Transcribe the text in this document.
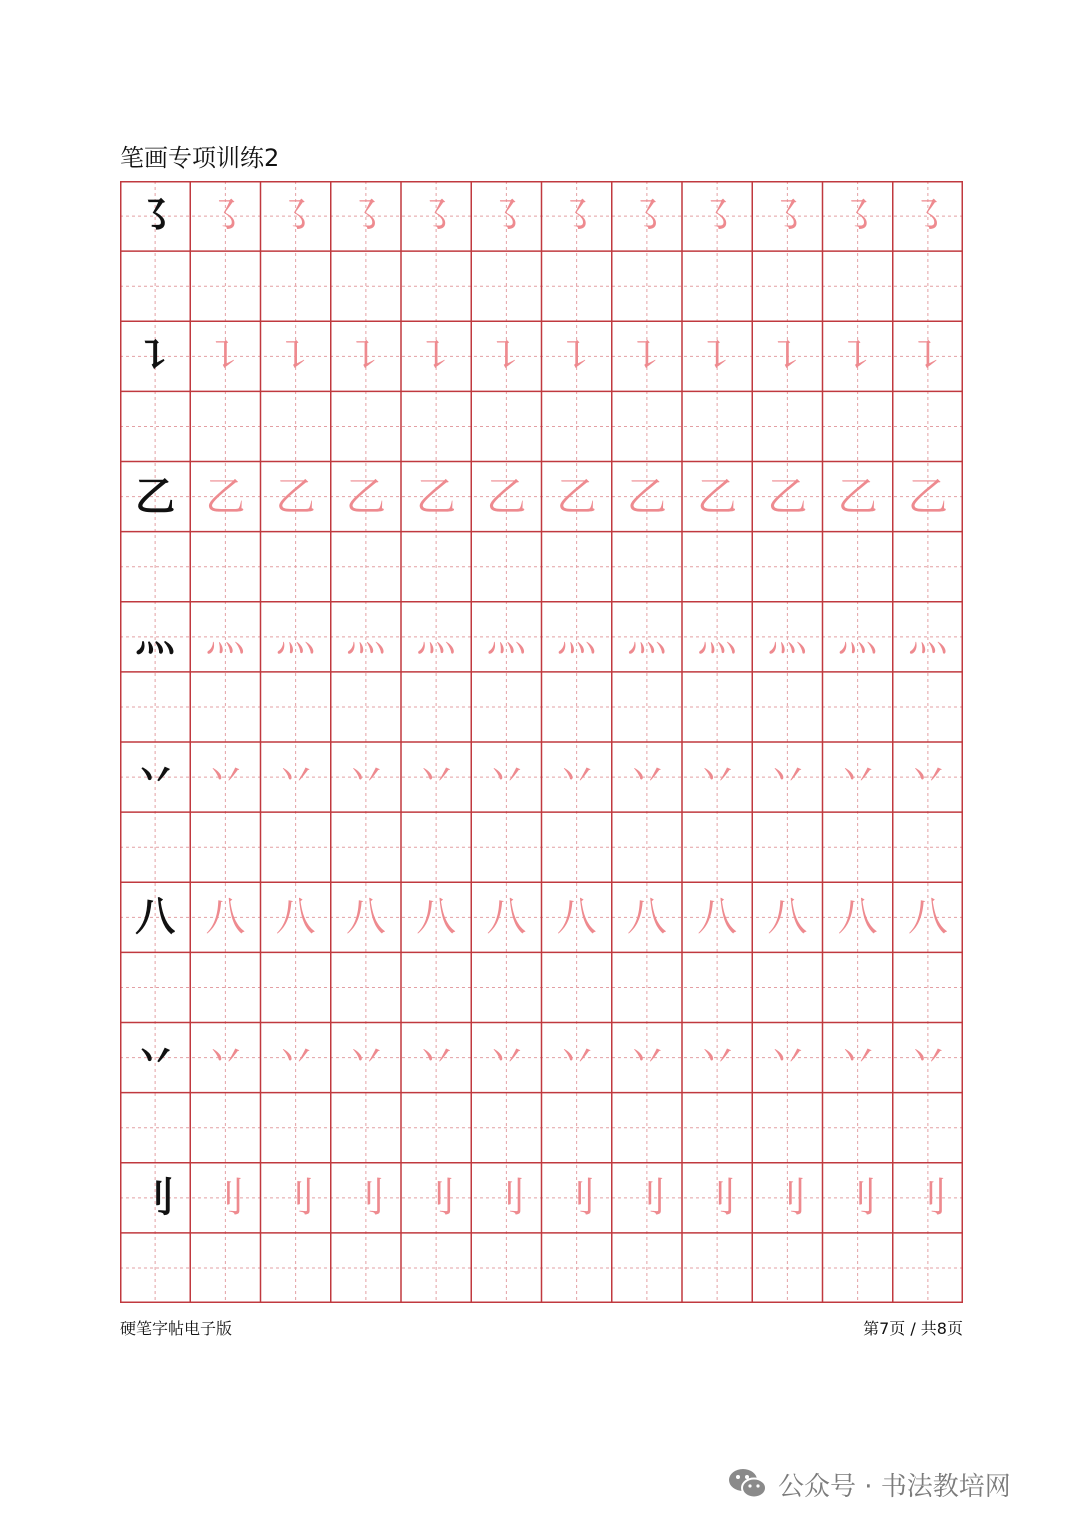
笔画专项训练2
㇌ ㇌ ㇌ ㇌ ㇌ ㇌ ㇌ ㇌ ㇌ ㇌ ㇌ ㇌
㇊ ㇊ ㇊ ㇊ ㇊ ㇊ ㇊ ㇊ ㇊ ㇊ ㇊ ㇊
乙 乙 乙 乙 乙 乙 乙 乙 乙 乙 乙 乙
灬 灬 灬 灬 灬 灬 灬 灬 灬 灬 灬 灬
丷 丷 丷 丷 丷 丷 丷 丷 丷 丷 丷 丷
八 八 八 八 八 八 八 八 八 八 八 八
丷 丷 丷 丷 丷 丷 丷 丷 丷 丷 丷 丷
刂 刂 刂 刂 刂 刂 刂 刂 刂 刂 刂 刂
硬笔字帖电子版	第7页 / 共8页
公众号 · 书法教培网
